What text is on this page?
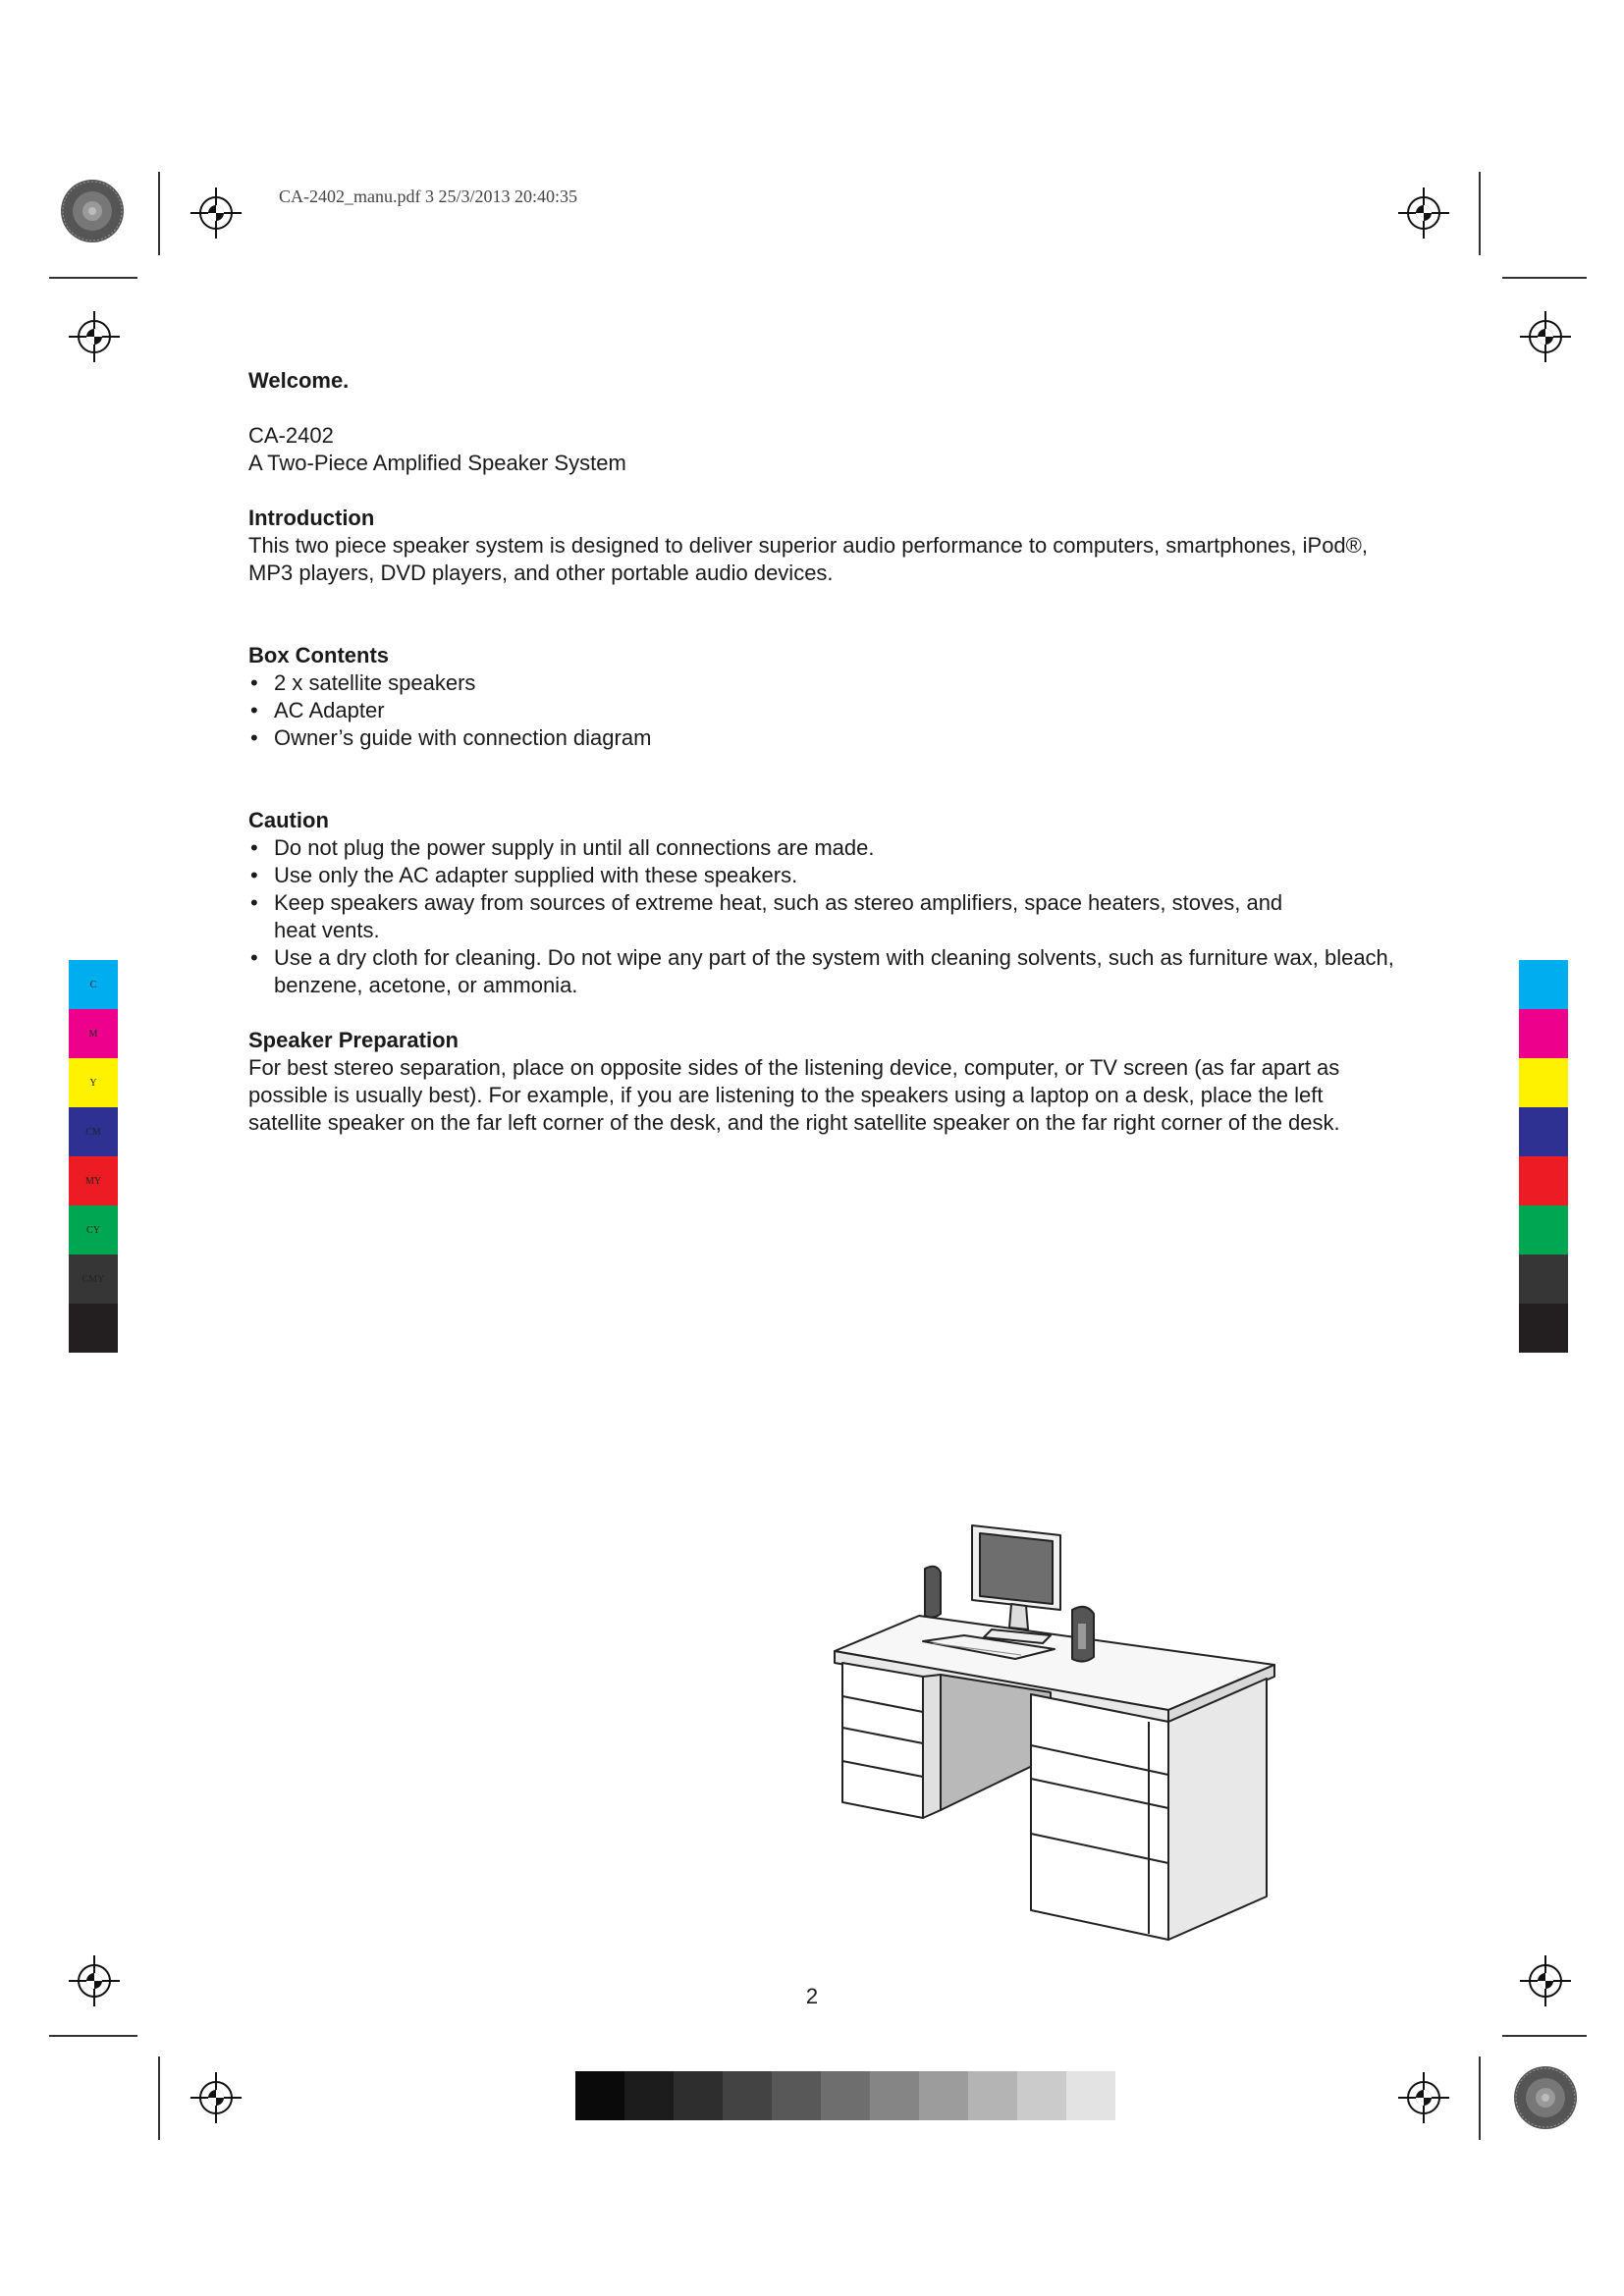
CA-2402_manu.pdf 3 25/3/2013 20:40:35
C
M
Y
CM
MY
CY
CMY
K

Welcome.

CA-2402

A Two-Piece Amplified Speaker System

Introduction

This two piece speaker system is designed to deliver superior audio performance to computers, smartphones, iPod®, MP3 players, DVD players, and other portable audio devices.

Box Contents

• 2 x satellite speakers
• AC Adapter
• Owner’s guide with connection diagram

Caution

• Do not plug the power supply in until all connections are made.
• Use only the AC adapter supplied with these speakers.
• Keep speakers away from sources of extreme heat, such as stereo amplifiers, space heaters, stoves, and heat vents.
• Use a dry cloth for cleaning. Do not wipe any part of the system with cleaning solvents, such as furniture wax, bleach, benzene, acetone, or ammonia.

Speaker Preparation

For best stereo separation, place on opposite sides of the listening device, computer, or TV screen (as far apart as possible is usually best). For example, if you are listening to the speakers using a laptop on a desk, place the left satellite speaker on the far left corner of the desk, and the right satellite speaker on the far right corner of the desk.

2
